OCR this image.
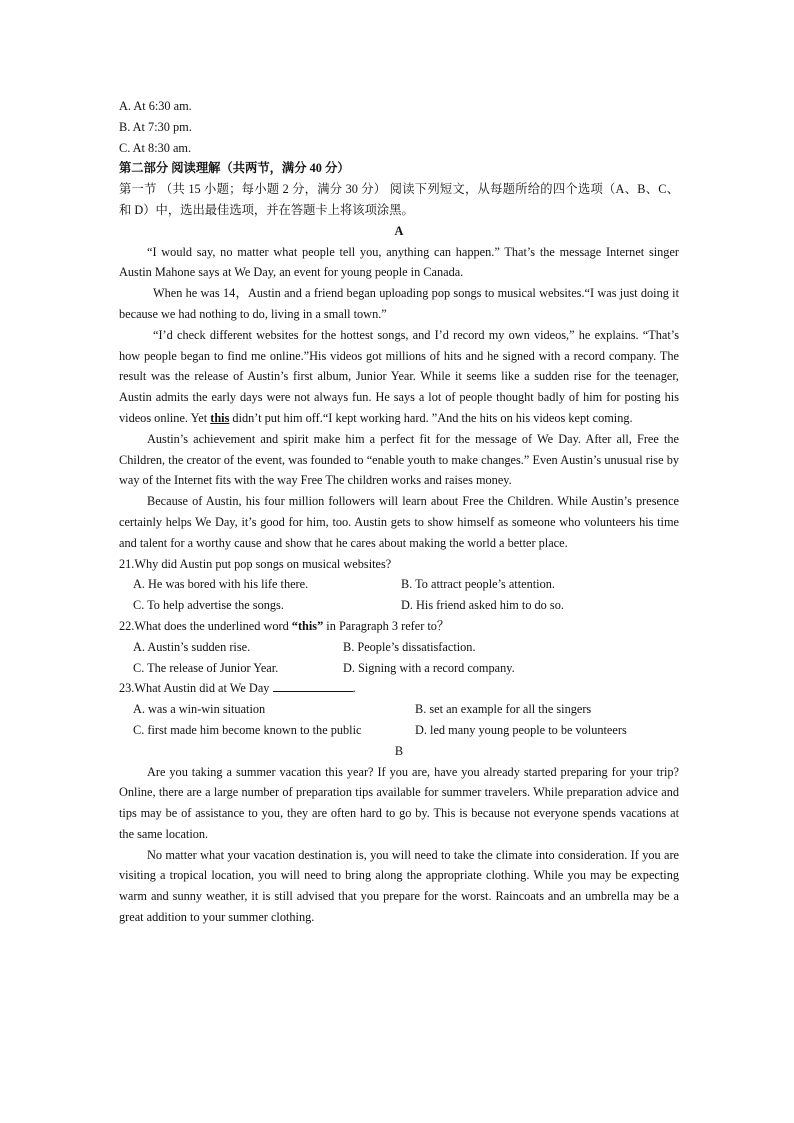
A. At 6:30 am.
B. At 7:30 pm.
C. At 8:30 am.
第二部分 阅读理解（共两节，满分 40 分）

第一节 （共 15 小题；每小题 2 分，满分 30 分） 阅读下列短文，从每题所给的四个选项（A、B、C、和 D）中，选出最佳选项，并在答题卡上将该项涂黑。

A

“I would say, no matter what people tell you, anything can happen.” That’s the message Internet singer Austin Mahone says at We Day, an event for young people in Canada.

When he was 14，Austin and a friend began uploading pop songs to musical websites.“I was just doing it because we had nothing to do, living in a small town.”

“I’d check different websites for the hottest songs, and I’d record my own videos,” he explains. “That’s how people began to find me online.”His videos got millions of hits and he signed with a record company. The result was the release of Austin’s first album, Junior Year. While it seems like a sudden rise for the teenager, Austin admits the early days were not always fun. He says a lot of people thought badly of him for posting his videos online. Yet this didn’t put him off.“I kept working hard. ”And the hits on his videos kept coming.

Austin’s achievement and spirit make him a perfect fit for the message of We Day. After all, Free the Children, the creator of the event, was founded to “enable youth to make changes.” Even Austin’s unusual rise by way of the Internet fits with the way Free The children works and raises money.

Because of Austin, his four million followers will learn about Free the Children. While Austin’s presence certainly helps We Day, it’s good for him, too. Austin gets to show himself as someone who volunteers his time and talent for a worthy cause and show that he cares about making the world a better place.

21.Why did Austin put pop songs on musical websites?
A. He was bored with his life there.	B. To attract people’s attention.
C. To help advertise the songs.	D. His friend asked him to do so.
22.What does the underlined word “this” in Paragraph 3 refer to？
A. Austin’s sudden rise.	B. People’s dissatisfaction.
C. The release of Junior Year.	D. Signing with a record company.
23.What Austin did at We Day	.
A. was a win-win situation	B. set an example for all the singers
C. first made him become known to the public	D. led many young people to be volunteers
B

Are you taking a summer vacation this year? If you are, have you already started preparing for your trip? Online, there are a large number of preparation tips available for summer travelers. While preparation advice and tips may be of assistance to you, they are often hard to go by. This is because not everyone spends vacations at the same location.

No matter what your vacation destination is, you will need to take the climate into consideration. If you are visiting a tropical location, you will need to bring along the appropriate clothing. While you may be expecting warm and sunny weather, it is still advised that you prepare for the worst. Raincoats and an umbrella may be a great addition to your summer clothing.
